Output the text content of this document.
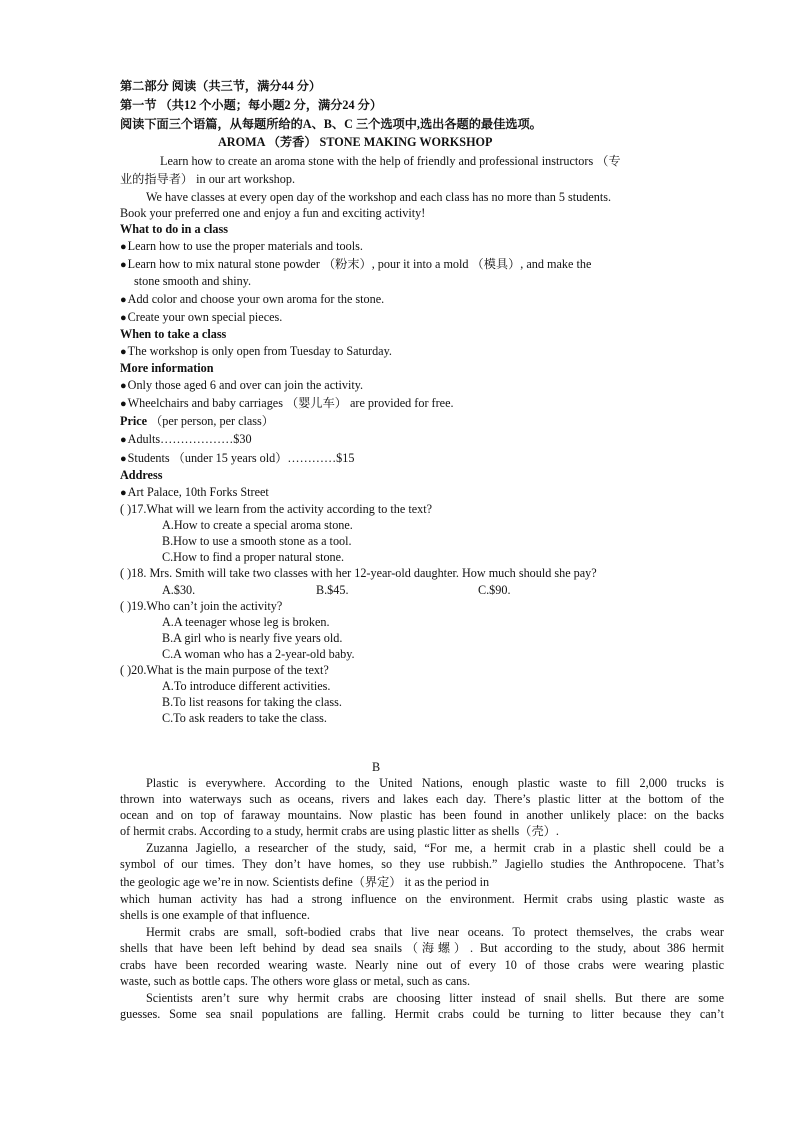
第二部分 阅读（共三节，满分44 分）
第一节 （共12 个小题；每小题2 分，满分24 分）
阅读下面三个语篇，从每题所给的A、B、C 三个选项中,选出各题的最佳选项。
AROMA （芳香） STONE MAKING WORKSHOP
Learn how to create an aroma stone with the help of friendly and professional instructors （专
业的指导者） in our art workshop.
We have classes at every open day of the workshop and each class has no more than 5 students.
Book your preferred one and enjoy a fun and exciting activity!
What to do in a class
● Learn how to use the proper materials and tools.
● Learn how to mix natural stone powder （粉末）, pour it into a mold （模具）, and make the
stone smooth and shiny.
● Add color and choose your own aroma for the stone.
● Create your own special pieces.
When to take a class
● The workshop is only open from Tuesday to Saturday.
More information
● Only those aged 6 and over can join the activity.
● Wheelchairs and baby carriages （婴儿车） are provided for free.
Price （per person, per class）
● Adults………………$30
● Students （under 15 years old）…………$15
Address
● Art Palace, 10th Forks Street
( )17.What will we learn from the activity according to the text?
A.How to create a special aroma stone.
B.How to use a smooth stone as a tool.
C.How to find a proper natural stone.
( )18. Mrs. Smith will take two classes with her 12-year-old daughter. How much should she pay?
A.$30.	B.$45.	C.$90.
( )19.Who can’t join the activity?
A.A teenager whose leg is broken.
B.A girl who is nearly five years old.
C.A woman who has a 2-year-old baby.
( )20.What is the main purpose of the text?
A.To introduce different activities.
B.To list reasons for taking the class.
C.To ask readers to take the class.
B
Plastic is everywhere. According to the United Nations, enough plastic waste to fill 2,000 trucks is
thrown into waterways such as oceans, rivers and lakes each day. There’s plastic litter at the bottom of the
ocean and on top of faraway mountains. Now plastic has been found in another unlikely place: on the backs
of hermit crabs. According to a study, hermit crabs are using plastic litter as shells（壳）.
Zuzanna Jagiello, a researcher of the study, said, “For me, a hermit crab in a plastic shell could be a
symbol of our times. They don’t have homes, so they use rubbish.” Jagiello studies the Anthropocene. That’s
the geologic age we’re in now. Scientists define（界定） it as the period in
which human activity has had a strong influence on the environment. Hermit crabs using plastic waste as
shells is one example of that influence.
Hermit crabs are small, soft-bodied crabs that live near oceans. To protect themselves, the crabs wear
shells that have been left behind by dead sea snails（海螺）. But according to the study, about 386 hermit
crabs have been recorded wearing waste. Nearly nine out of every 10 of those crabs were wearing plastic
waste, such as bottle caps. The others wore glass or metal, such as cans.
Scientists aren’t sure why hermit crabs are choosing litter instead of snail shells. But there are some
guesses. Some sea snail populations are falling. Hermit crabs could be turning to litter because they can’t
